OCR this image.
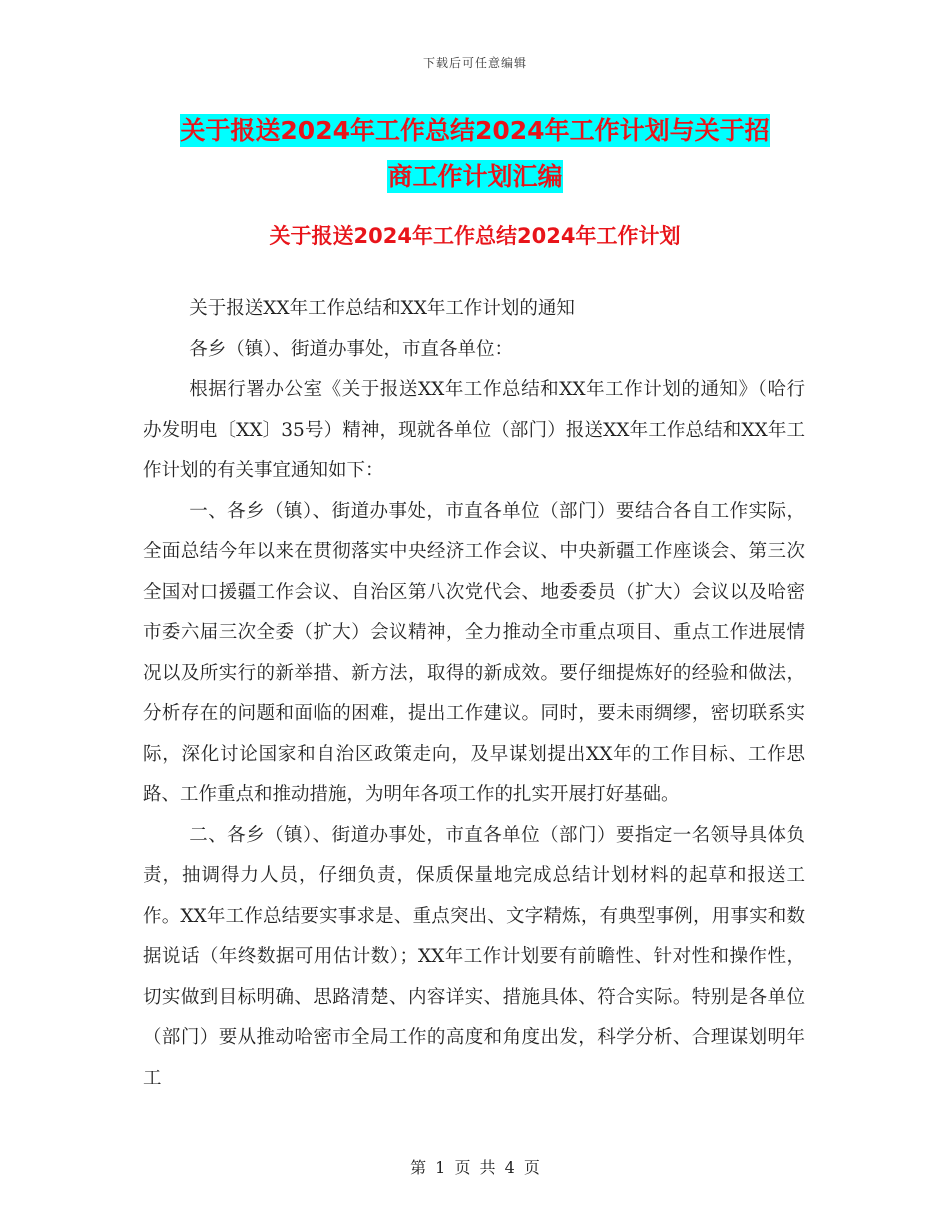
下载后可任意编辑
关于报送2024年工作总结2024年工作计划与关于招
商工作计划汇编
关于报送2024年工作总结2024年工作计划

关于报送XX年工作总结和XX年工作计划的通知

各乡（镇）、街道办事处，市直各单位：

根据行署办公室《关于报送XX年工作总结和XX年工作计划的通知》（哈行办发明电〔XX〕35号）精神，现就各单位（部门）报送XX年工作总结和XX年工作计划的有关事宜通知如下：

一、各乡（镇）、街道办事处，市直各单位（部门）要结合各自工作实际，全面总结今年以来在贯彻落实中央经济工作会议、中央新疆工作座谈会、第三次全国对口援疆工作会议、自治区第八次党代会、地委委员（扩大）会议以及哈密市委六届三次全委（扩大）会议精神，全力推动全市重点项目、重点工作进展情况以及所实行的新举措、新方法，取得的新成效。要仔细提炼好的经验和做法，分析存在的问题和面临的困难，提出工作建议。同时，要未雨绸缪，密切联系实际，深化讨论国家和自治区政策走向，及早谋划提出XX年的工作目标、工作思路、工作重点和推动措施，为明年各项工作的扎实开展打好基础。

二、各乡（镇）、街道办事处，市直各单位（部门）要指定一名领导具体负责，抽调得力人员，仔细负责，保质保量地完成总结计划材料的起草和报送工作。XX年工作总结要实事求是、重点突出、文字精炼，有典型事例，用事实和数据说话（年终数据可用估计数）；XX年工作计划要有前瞻性、针对性和操作性，切实做到目标明确、思路清楚、内容详实、措施具体、符合实际。特别是各单位（部门）要从推动哈密市全局工作的高度和角度出发，科学分析、合理谋划明年工

第 1 页 共 4 页
